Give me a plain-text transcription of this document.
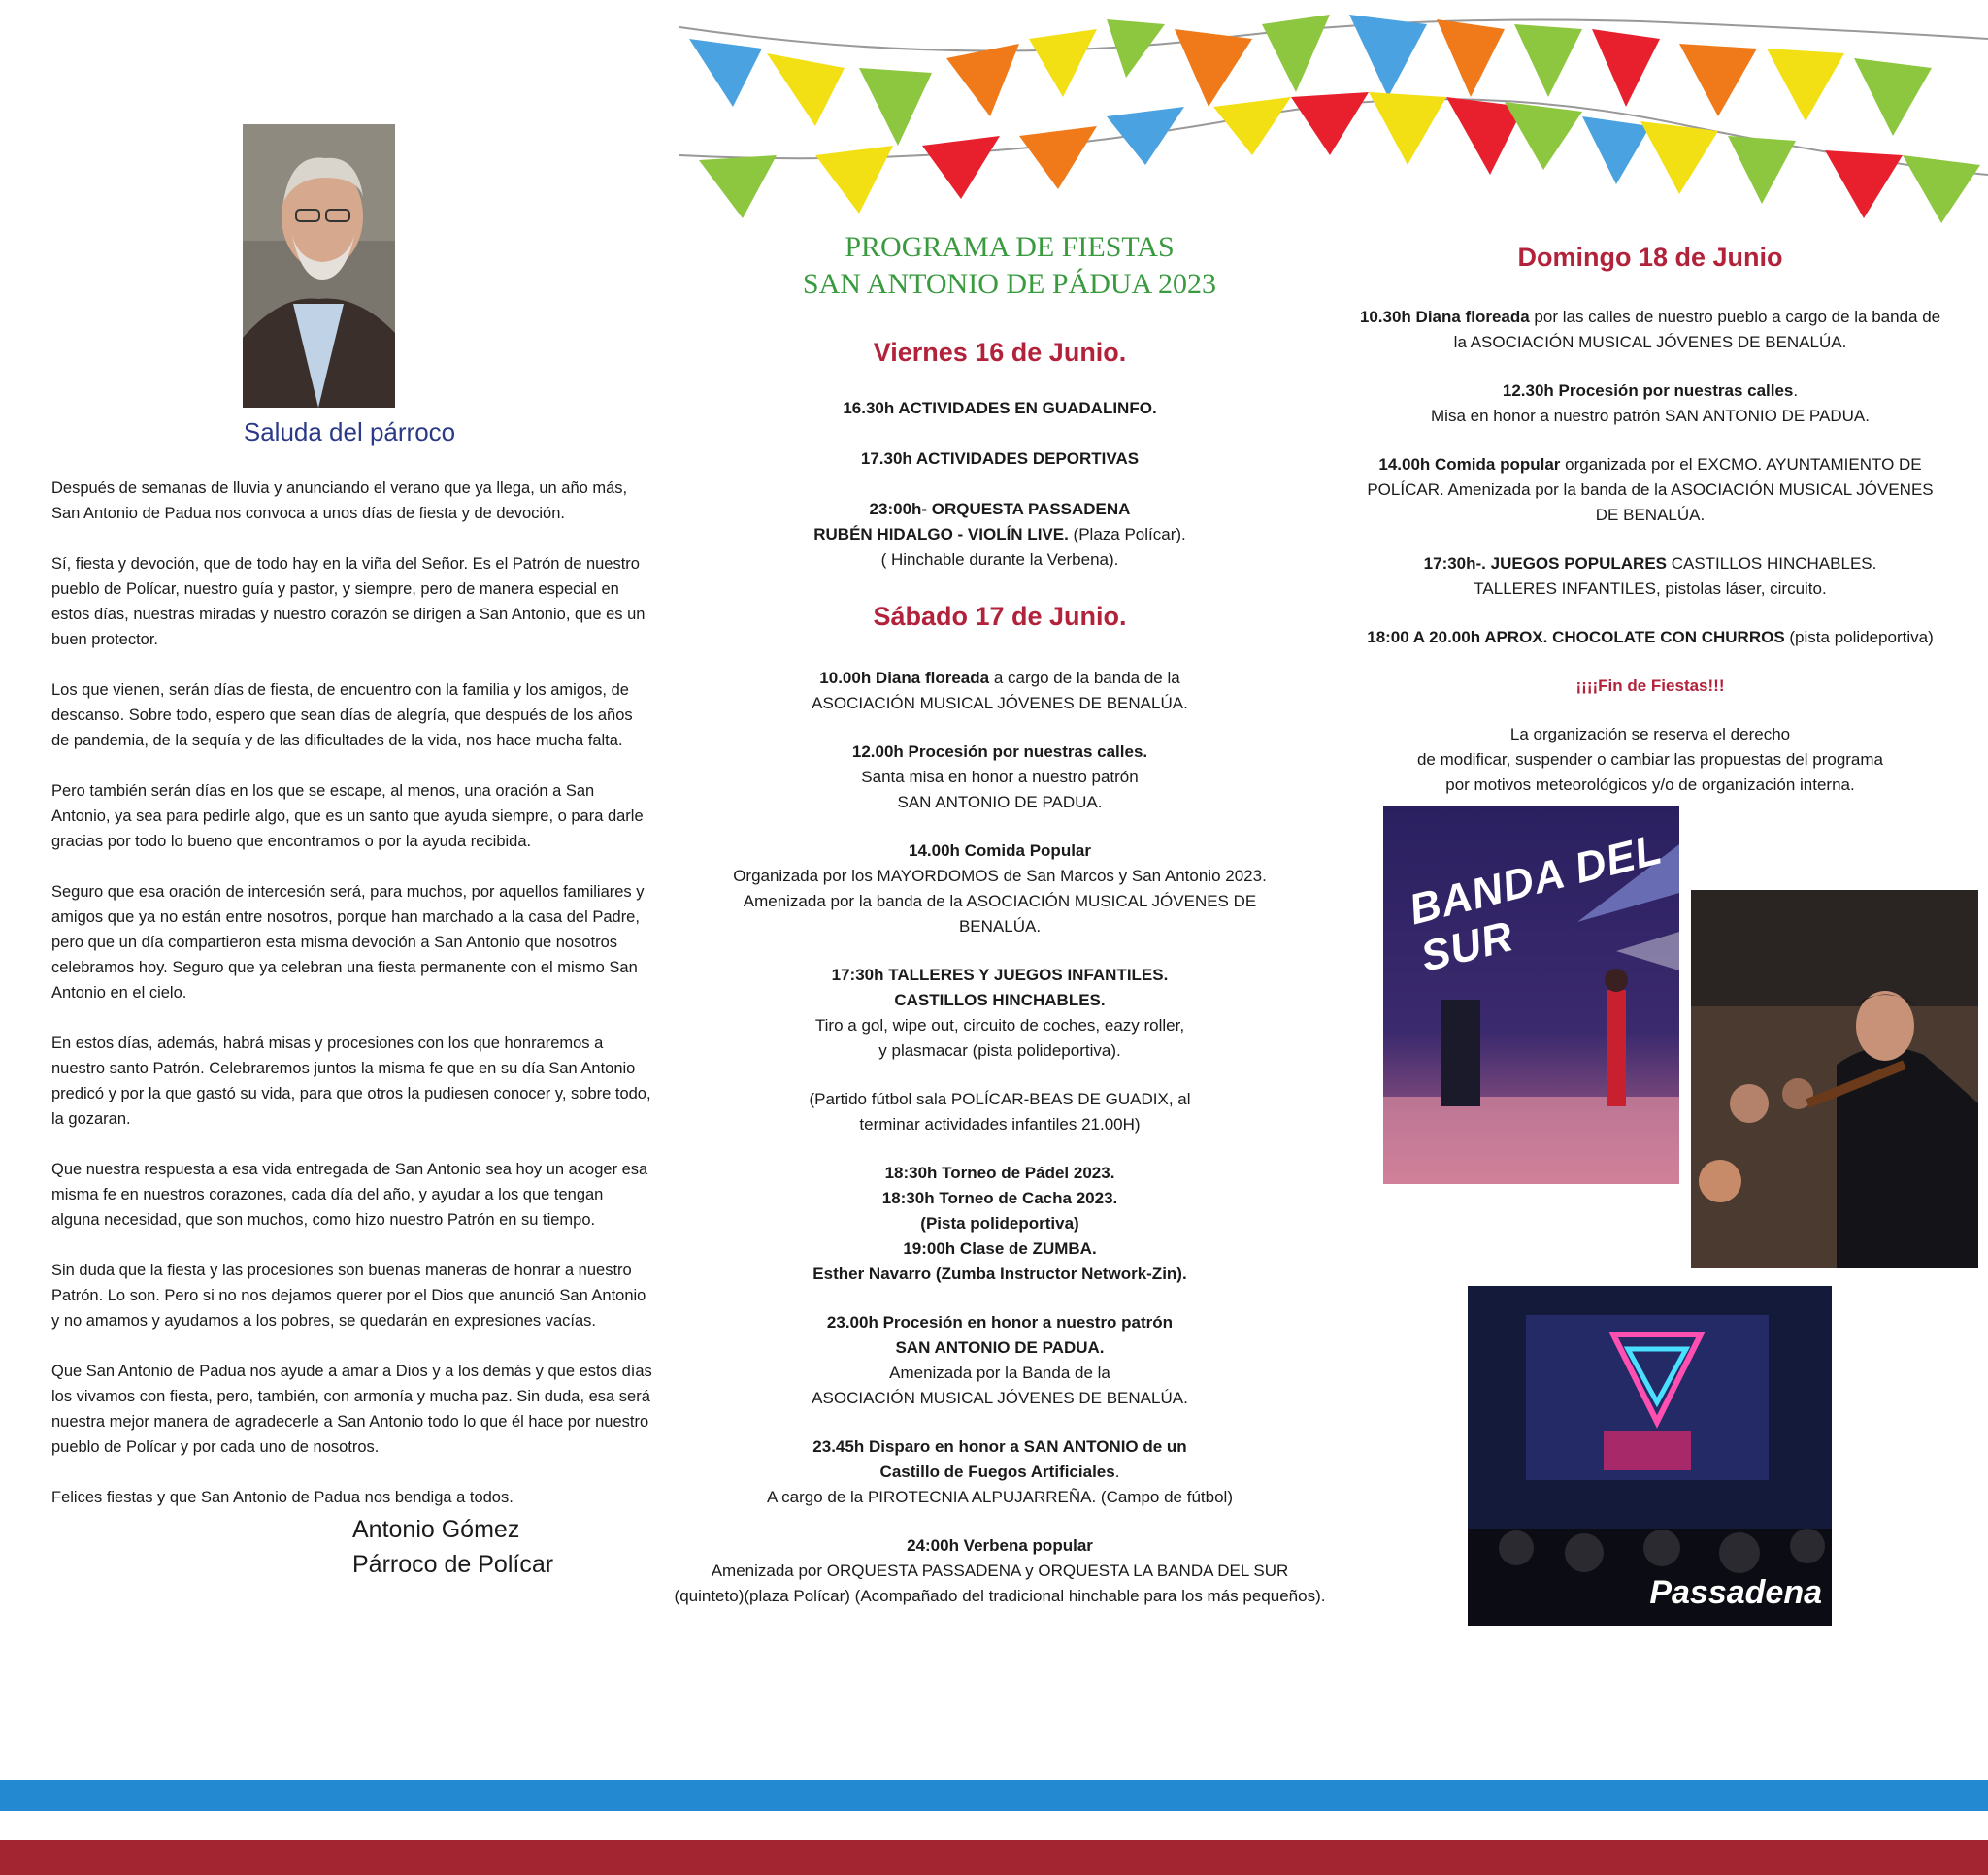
Saluda del párroco

Después de semanas de lluvia y anunciando el verano que ya llega, un año más, San Antonio de Padua nos convoca a unos días de fiesta y de devoción.

Sí, fiesta y devoción, que de todo hay en la viña del Señor. Es el Patrón de nuestro pueblo de Polícar, nuestro guía y pastor, y siempre, pero de manera especial en estos días, nuestras miradas y nuestro corazón se dirigen a San Antonio, que es un buen protector.

Los que vienen, serán días de fiesta, de encuentro con la familia y los amigos, de descanso. Sobre todo, espero que sean días de alegría, que después de los años de pandemia, de la sequía y de las dificultades de la vida, nos hace mucha falta.

Pero también serán días en los que se escape, al menos, una oración a San Antonio, ya sea para pedirle algo, que es un santo que ayuda siempre, o para darle gracias por todo lo bueno que encontramos o por la ayuda recibida.

Seguro que esa oración de intercesión será, para muchos, por aquellos familiares y amigos que ya no están entre nosotros, porque han marchado a la casa del Padre, pero que un día compartieron esta misma devoción a San Antonio que nosotros celebramos hoy. Seguro que ya celebran una fiesta permanente con el mismo San Antonio en el cielo.

En estos días, además, habrá misas y procesiones con los que honraremos a nuestro santo Patrón. Celebraremos juntos la misma fe que en su día San Antonio predicó y por la que gastó su vida, para que otros la pudiesen conocer y, sobre todo, la gozaran.

Que nuestra respuesta a esa vida entregada de San Antonio sea hoy un acoger esa misma fe en nuestros corazones, cada día del año, y ayudar a los que tengan alguna necesidad, que son muchos, como hizo nuestro Patrón en su tiempo.

Sin duda que la fiesta y las procesiones son buenas maneras de honrar a nuestro Patrón. Lo son. Pero si no nos dejamos querer por el Dios que anunció San Antonio y no amamos y ayudamos a los pobres, se quedarán en expresiones vacías.

Que San Antonio de Padua nos ayude a amar a Dios y a los demás y que estos días los vivamos con fiesta, pero, también, con armonía y mucha paz. Sin duda, esa será nuestra mejor manera de agradecerle a San Antonio todo lo que él hace por nuestro pueblo de Polícar y por cada uno de nosotros.

Felices fiestas y que San Antonio de Padua nos bendiga a todos.

Antonio Gómez
Párroco de Polícar
PROGRAMA DE FIESTAS
SAN ANTONIO DE PÁDUA 2023
Viernes 16 de Junio.
16.30h ACTIVIDADES EN GUADALINFO.
17.30h ACTIVIDADES DEPORTIVAS
23:00h- ORQUESTA PASSADENA
RUBÉN HIDALGO - VIOLÍN LIVE. (Plaza Polícar).
( Hinchable durante la Verbena).
Sábado 17 de Junio.
10.00h Diana floreada a cargo de la banda de la
ASOCIACIÓN MUSICAL JÓVENES DE BENALÚA.
12.00h Procesión por nuestras calles.
Santa misa en honor a nuestro patrón
SAN ANTONIO DE PADUA.
14.00h Comida Popular
Organizada por los MAYORDOMOS de San Marcos y San Antonio 2023.
Amenizada por la banda de la ASOCIACIÓN MUSICAL JÓVENES DE
BENALÚA.
17:30h TALLERES Y JUEGOS INFANTILES.
CASTILLOS HINCHABLES.
Tiro a gol, wipe out, circuito de coches, eazy roller,
y plasmacar (pista polideportiva).
(Partido fútbol sala POLÍCAR-BEAS DE GUADIX, al
terminar actividades infantiles 21.00H)
18:30h Torneo de Pádel 2023.
18:30h Torneo de Cacha 2023.
(Pista polideportiva)
19:00h Clase de ZUMBA.
Esther Navarro (Zumba Instructor Network-Zin).
23.00h Procesión en honor a nuestro patrón
SAN ANTONIO DE PADUA.
Amenizada por la Banda de la
ASOCIACIÓN MUSICAL JÓVENES DE BENALÚA.
23.45h Disparo en honor a SAN ANTONIO de un
Castillo de Fuegos Artificiales.
A cargo de la PIROTECNIA ALPUJARREÑA. (Campo de fútbol)
24:00h Verbena popular
Amenizada por ORQUESTA PASSADENA y ORQUESTA LA BANDA DEL SUR
(quinteto)(plaza Polícar) (Acompañado del tradicional hinchable para los más pequeños).
Domingo 18 de Junio
10.30h Diana floreada por las calles de nuestro pueblo a cargo de la banda de
la ASOCIACIÓN MUSICAL JÓVENES DE BENALÚA.
12.30h Procesión por nuestras calles.
Misa en honor a nuestro patrón SAN ANTONIO DE PADUA.
14.00h Comida popular organizada por el EXCMO. AYUNTAMIENTO DE
POLÍCAR. Amenizada por la banda de la ASOCIACIÓN MUSICAL JÓVENES
DE BENALÚA.
17:30h-. JUEGOS POPULARES CASTILLOS HINCHABLES.
TALLERES INFANTILES, pistolas láser, circuito.
18:00 A 20.00h APROX. CHOCOLATE CON CHURROS (pista polideportiva)
¡¡¡¡Fin de Fiestas!!!
La organización se reserva el derecho
de modificar, suspender o cambiar las propuestas del programa
por motivos meteorológicos y/o de organización interna.
BANDA DEL SUR
Passadena
